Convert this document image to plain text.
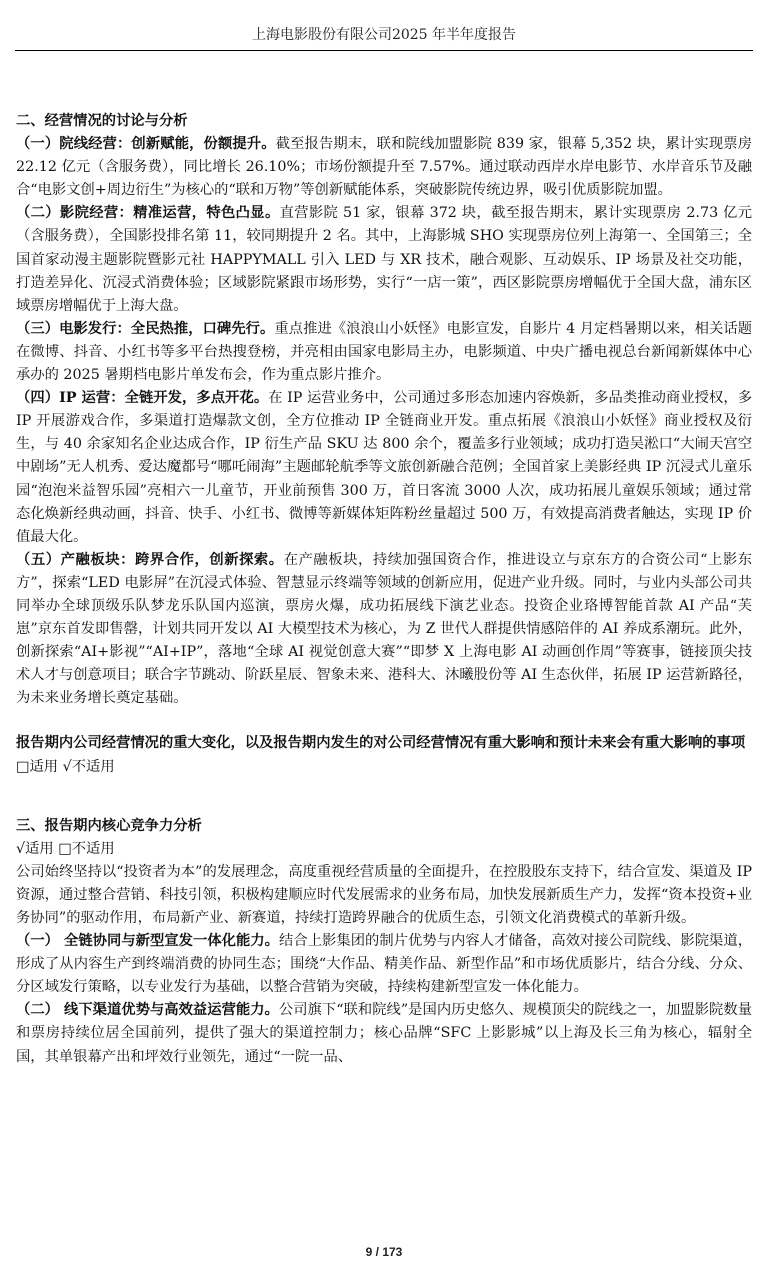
上海电影股份有限公司2025 年半年度报告

二、经营情况的讨论与分析

（一）院线经营：创新赋能，份额提升。截至报告期末，联和院线加盟影院 839 家，银幕 5,352 块，累计实现票房 22.12 亿元（含服务费），同比增长 26.10%；市场份额提升至 7.57%。通过联动西岸水岸电影节、水岸音乐节及融合“电影文创+周边衍生”为核心的“联和万物”等创新赋能体系，突破影院传统边界，吸引优质影院加盟。

（二）影院经营：精准运营，特色凸显。直营影院 51 家，银幕 372 块，截至报告期末，累计实现票房 2.73 亿元（含服务费），全国影投排名第 11，较同期提升 2 名。其中，上海影城 SHO 实现票房位列上海第一、全国第三；全国首家动漫主题影院暨影元社 HAPPYMALL 引入 LED 与 XR 技术，融合观影、互动娱乐、IP 场景及社交功能，打造差异化、沉浸式消费体验；区域影院紧跟市场形势，实行“一店一策”，西区影院票房增幅优于全国大盘，浦东区域票房增幅优于上海大盘。

（三）电影发行：全民热推，口碑先行。重点推进《浪浪山小妖怪》电影宣发，自影片 4 月定档暑期以来，相关话题在微博、抖音、小红书等多平台热搜登榜，并亮相由国家电影局主办，电影频道、中央广播电视总台新闻新媒体中心承办的 2025 暑期档电影片单发布会，作为重点影片推介。

（四）IP 运营：全链开发，多点开花。在 IP 运营业务中，公司通过多形态加速内容焕新，多品类推动商业授权，多 IP 开展游戏合作，多渠道打造爆款文创，全方位推动 IP 全链商业开发。重点拓展《浪浪山小妖怪》商业授权及衍生，与 40 余家知名企业达成合作，IP 衍生产品 SKU 达 800 余个，覆盖多行业领域；成功打造吴淞口“大闹天宫空中剧场”无人机秀、爱达魔都号“哪吒闹海”主题邮轮航季等文旅创新融合范例；全国首家上美影经典 IP 沉浸式儿童乐园“泡泡米益智乐园”亮相六一儿童节，开业前预售 300 万，首日客流 3000 人次，成功拓展儿童娱乐领域；通过常态化焕新经典动画，抖音、快手、小红书、微博等新媒体矩阵粉丝量超过 500 万，有效提高消费者触达，实现 IP 价值最大化。

（五）产融板块：跨界合作，创新探索。在产融板块，持续加强国资合作，推进设立与京东方的合资公司“上影东方”，探索“LED 电影屏”在沉浸式体验、智慧显示终端等领域的创新应用，促进产业升级。同时，与业内头部公司共同举办全球顶级乐队梦龙乐队国内巡演，票房火爆，成功拓展线下演艺业态。投资企业珞博智能首款 AI 产品“芙崽”京东首发即售罄，计划共同开发以 AI 大模型技术为核心，为 Z 世代人群提供情感陪伴的 AI 养成系潮玩。此外，创新探索“AI+影视”“AI+IP”，落地“全球 AI 视觉创意大赛”“即梦 X 上海电影 AI 动画创作周”等赛事，链接顶尖技术人才与创意项目；联合字节跳动、阶跃星辰、智象未来、港科大、沐曦股份等 AI 生态伙伴，拓展 IP 运营新路径，为未来业务增长奠定基础。

报告期内公司经营情况的重大变化，以及报告期内发生的对公司经营情况有重大影响和预计未来会有重大影响的事项

□适用 √不适用

三、报告期内核心竞争力分析

√适用 □不适用

公司始终坚持以“投资者为本”的发展理念，高度重视经营质量的全面提升，在控股股东支持下，结合宣发、渠道及 IP 资源，通过整合营销、科技引领，积极构建顺应时代发展需求的业务布局，加快发展新质生产力，发挥“资本投资+业务协同”的驱动作用，布局新产业、新赛道，持续打造跨界融合的优质生态，引领文化消费模式的革新升级。

（一） 全链协同与新型宣发一体化能力。结合上影集团的制片优势与内容人才储备，高效对接公司院线、影院渠道，形成了从内容生产到终端消费的协同生态；围绕“大作品、精美作品、新型作品”和市场优质影片，结合分线、分众、分区域发行策略，以专业发行为基础，以整合营销为突破，持续构建新型宣发一体化能力。

（二） 线下渠道优势与高效益运营能力。公司旗下“联和院线”是国内历史悠久、规模顶尖的院线之一，加盟影院数量和票房持续位居全国前列，提供了强大的渠道控制力；核心品牌“SFC 上影影城”以上海及长三角为核心，辐射全国，其单银幕产出和坪效行业领先，通过“一院一品、

9 / 173
